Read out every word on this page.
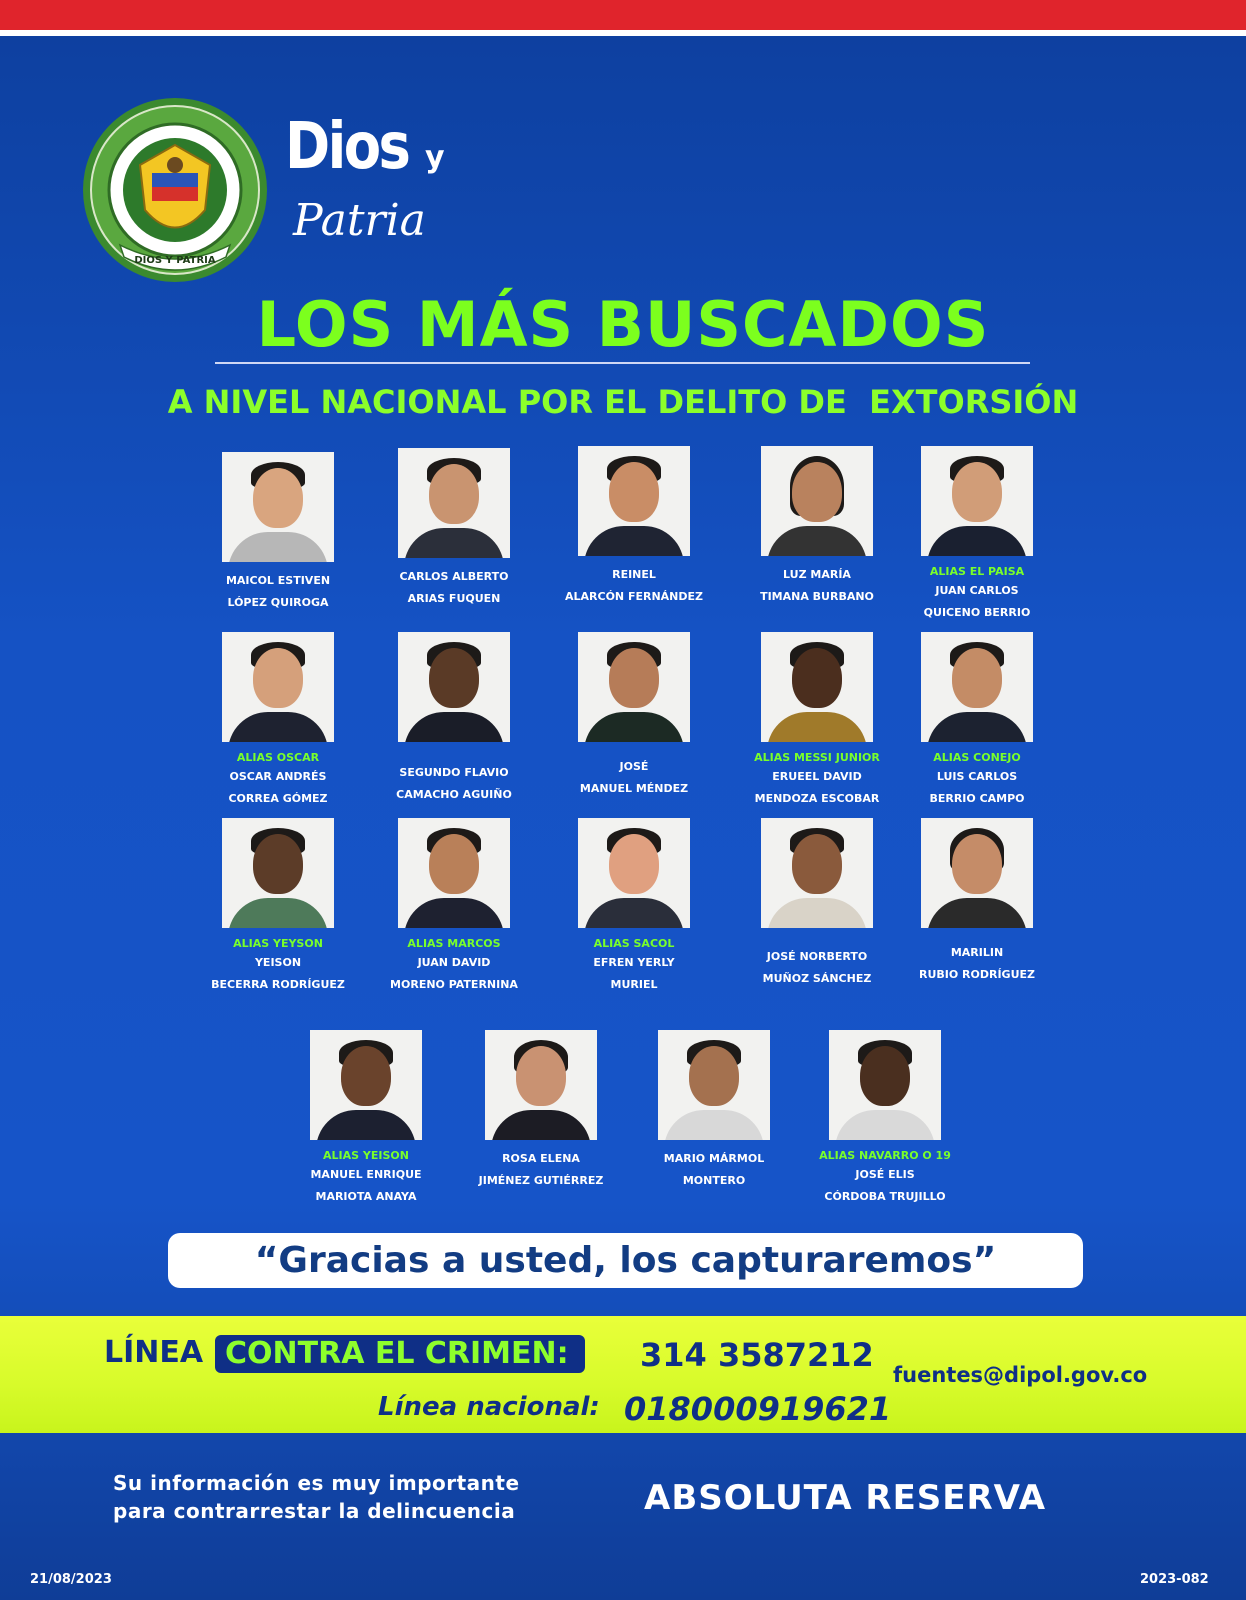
DIOS Y PATRIA
Dios y
Patria
LOS MÁS BUSCADOS
A NIVEL NACIONAL POR EL DELITO DE  EXTORSIÓN
MAICOL ESTIVEN
LÓPEZ QUIROGA
CARLOS ALBERTO
ARIAS FUQUEN
REINEL
ALARCÓN FERNÁNDEZ
LUZ MARÍA
TIMANA BURBANO
ALIAS EL PAISA
JUAN CARLOS
QUICENO BERRIO
ALIAS OSCAR
OSCAR ANDRÉS
CORREA GÓMEZ
SEGUNDO FLAVIO
CAMACHO AGUIÑO
JOSÉ
MANUEL MÉNDEZ
ALIAS MESSI JUNIOR
ERUEEL DAVID
MENDOZA ESCOBAR
ALIAS CONEJO
LUIS CARLOS
BERRIO CAMPO
ALIAS YEYSON
YEISON
BECERRA RODRÍGUEZ
ALIAS MARCOS
JUAN DAVID
MORENO PATERNINA
ALIAS SACOL
EFREN YERLY
MURIEL
JOSÉ NORBERTO
MUÑOZ SÁNCHEZ
MARILIN
RUBIO RODRÍGUEZ
ALIAS YEISON
MANUEL ENRIQUE
MARIOTA ANAYA
ROSA ELENA
JIMÉNEZ GUTIÉRREZ
MARIO MÁRMOL
MONTERO
ALIAS NAVARRO O 19
JOSÉ ELIS
CÓRDOBA TRUJILLO
“Gracias a usted, los capturaremos”
LÍNEA CONTRA EL CRIMEN:	314 3587212
Línea nacional: 018000919621
fuentes@dipol.gov.co
Su información es muy importante
para contrarrestar la delincuencia	ABSOLUTA RESERVA
21/08/2023	2023-082
